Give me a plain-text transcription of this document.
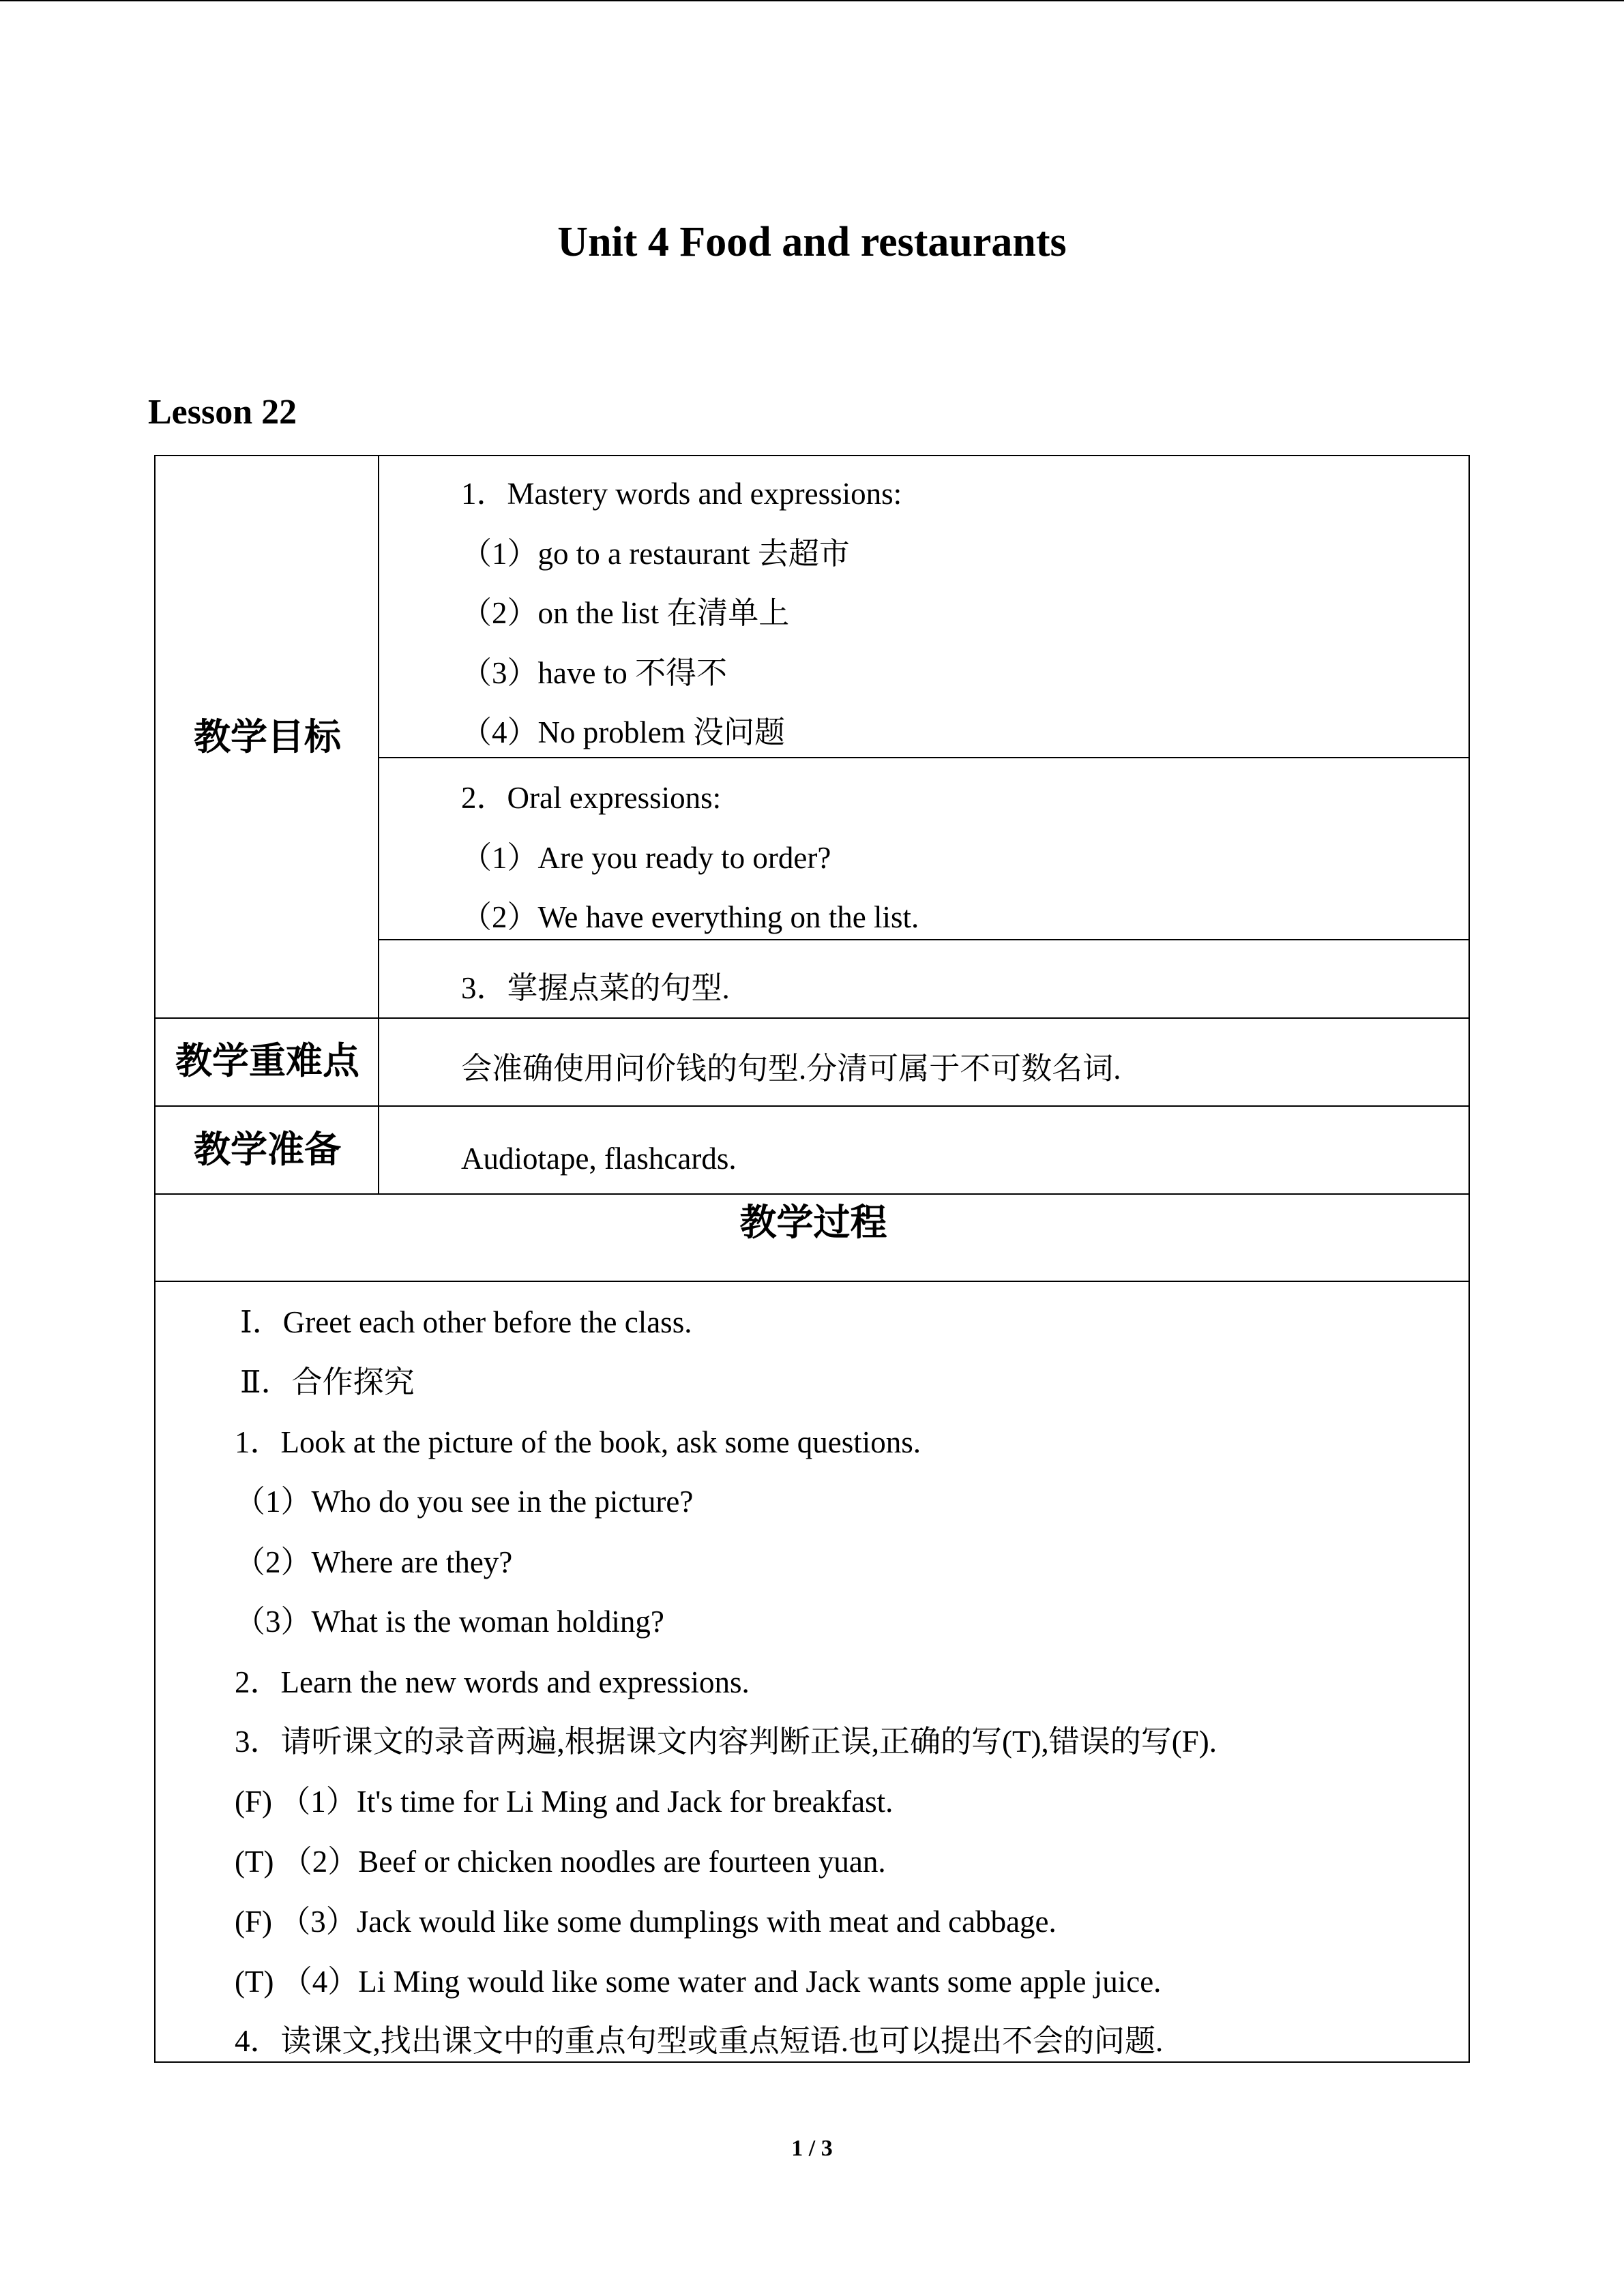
Unit 4 Food and restaurants
Lesson 22
教学目标
教学重难点
教学准备
1．Mastery words and expressions:
（1）go to a restaurant 去超市
（2）on the list 在清单上
（3）have to 不得不
（4）No problem 没问题
2．Oral expressions:
（1）Are you ready to order?
（2）We have everything on the list.
3．掌握点菜的句型.
会准确使用问价钱的句型.分清可属于不可数名词.
Audiotape, flashcards.
教学过程
Ⅰ．Greet each other before the class.
Ⅱ．合作探究
1．Look at the picture of the book, ask some questions.
（1）Who do you see in the picture?
（2）Where are they?
（3）What is the woman holding?
2．Learn the new words and expressions.
3．请听课文的录音两遍,根据课文内容判断正误,正确的写(T),错误的写(F).
(F) （1）It's time for Li Ming and Jack for breakfast.
(T) （2）Beef or chicken noodles are fourteen yuan.
(F) （3）Jack would like some dumplings with meat and cabbage.
(T) （4）Li Ming would like some water and Jack wants some apple juice.
4．读课文,找出课文中的重点句型或重点短语.也可以提出不会的问题.
1 / 3
